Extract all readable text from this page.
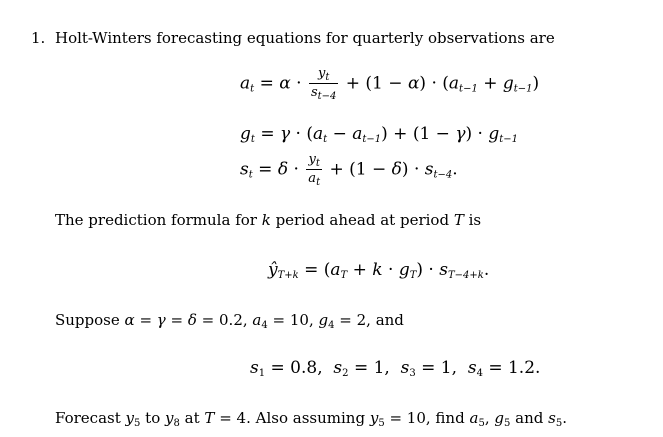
1. Holt-Winters forecasting equations for quarterly observations are
$a_t = \alpha \cdot \frac{y_t}{s_{t-4}} + (1 - \alpha) \cdot (a_{t-1} + g_{t-1})$
$g_t = \gamma \cdot (a_t - a_{t-1}) + (1 - \gamma) \cdot g_{t-1}$
$s_t = \delta \cdot \frac{y_t}{a_t} + (1 - \delta) \cdot s_{t-4}$.
The prediction formula for k period ahead at period T is
$ŷ_{T+k} = (a_T + k \cdot g_T) \cdot s_{T-4+k}$.
Suppose α = γ = δ = 0.2, $a_4 = 10$, $g_4 = 2$, and
$s_1 = 0.8$, $s_2 = 1$, $s_3 = 1$, $s_4 = 1.2$.
Forecast $y_5$ to $y_8$ at T = 4. Also assuming $y_5 = 10$, find $a_5$, $g_5$ and $s_5$.
